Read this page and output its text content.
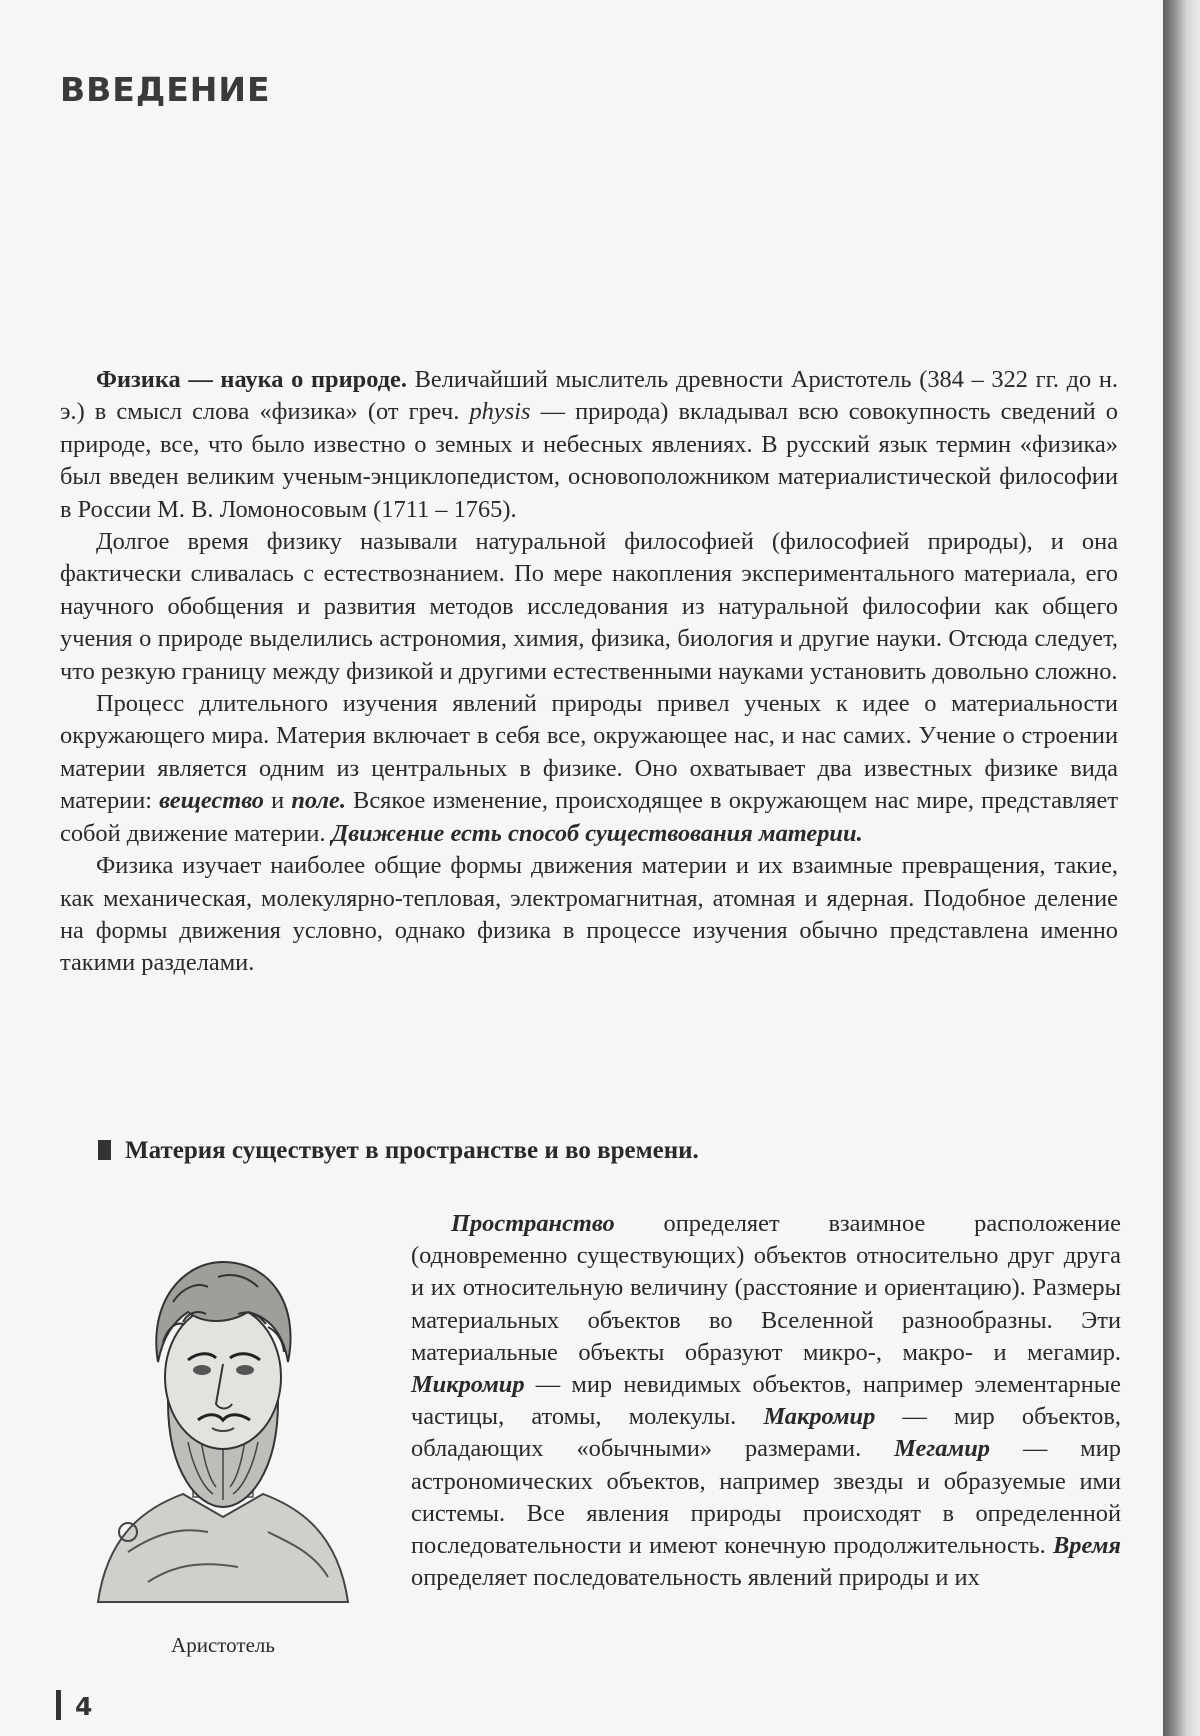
ВВЕДЕНИЕ

Физика — наука о природе. Величайший мыслитель древности Аристотель (384 – 322 гг. до н. э.) в смысл слова «физика» (от греч. physis — природа) вкладывал всю совокупность сведений о природе, все, что было известно о земных и небесных явлениях. В русский язык термин «физика» был введен великим ученым-энциклопедистом, основоположником материалистической философии в России М. В. Ломоносовым (1711 – 1765).

Долгое время физику называли натуральной философией (философией природы), и она фактически сливалась с естествознанием. По мере накопления экспериментального материала, его научного обобщения и развития методов исследования из натуральной философии как общего учения о природе выделились астрономия, химия, физика, биология и другие науки. Отсюда следует, что резкую границу между физикой и другими естественными науками установить довольно сложно.

Процесс длительного изучения явлений природы привел ученых к идее о материальности окружающего мира. Материя включает в себя все, окружающее нас, и нас самих. Учение о строении материи является одним из центральных в физике. Оно охватывает два известных физике вида материи: вещество и поле. Всякое изменение, происходящее в окружающем нас мире, представляет собой движение материи. Движение есть способ существования материи.

Физика изучает наиболее общие формы движения материи и их взаимные превращения, такие, как механическая, молекулярно-тепловая, электромагнитная, атомная и ядерная. Подобное деление на формы движения условно, однако физика в процессе изучения обычно представлена именно такими разделами.

Материя существует в пространстве и во времени.
Аристотель

Пространство определяет взаимное расположение (одновременно существующих) объектов относительно друг друга и их относительную величину (расстояние и ориентацию). Размеры материальных объектов во Вселенной разнообразны. Эти материальные объекты образуют микро-, макро- и мегамир. Микромир — мир невидимых объектов, например элементарные частицы, атомы, молекулы. Макромир — мир объектов, обладающих «обычными» размерами. Мегамир — мир астрономических объектов, например звезды и образуемые ими системы. Все явления природы происходят в определенной последовательности и имеют конечную продолжительность. Время определяет последовательность явлений природы и их

4
